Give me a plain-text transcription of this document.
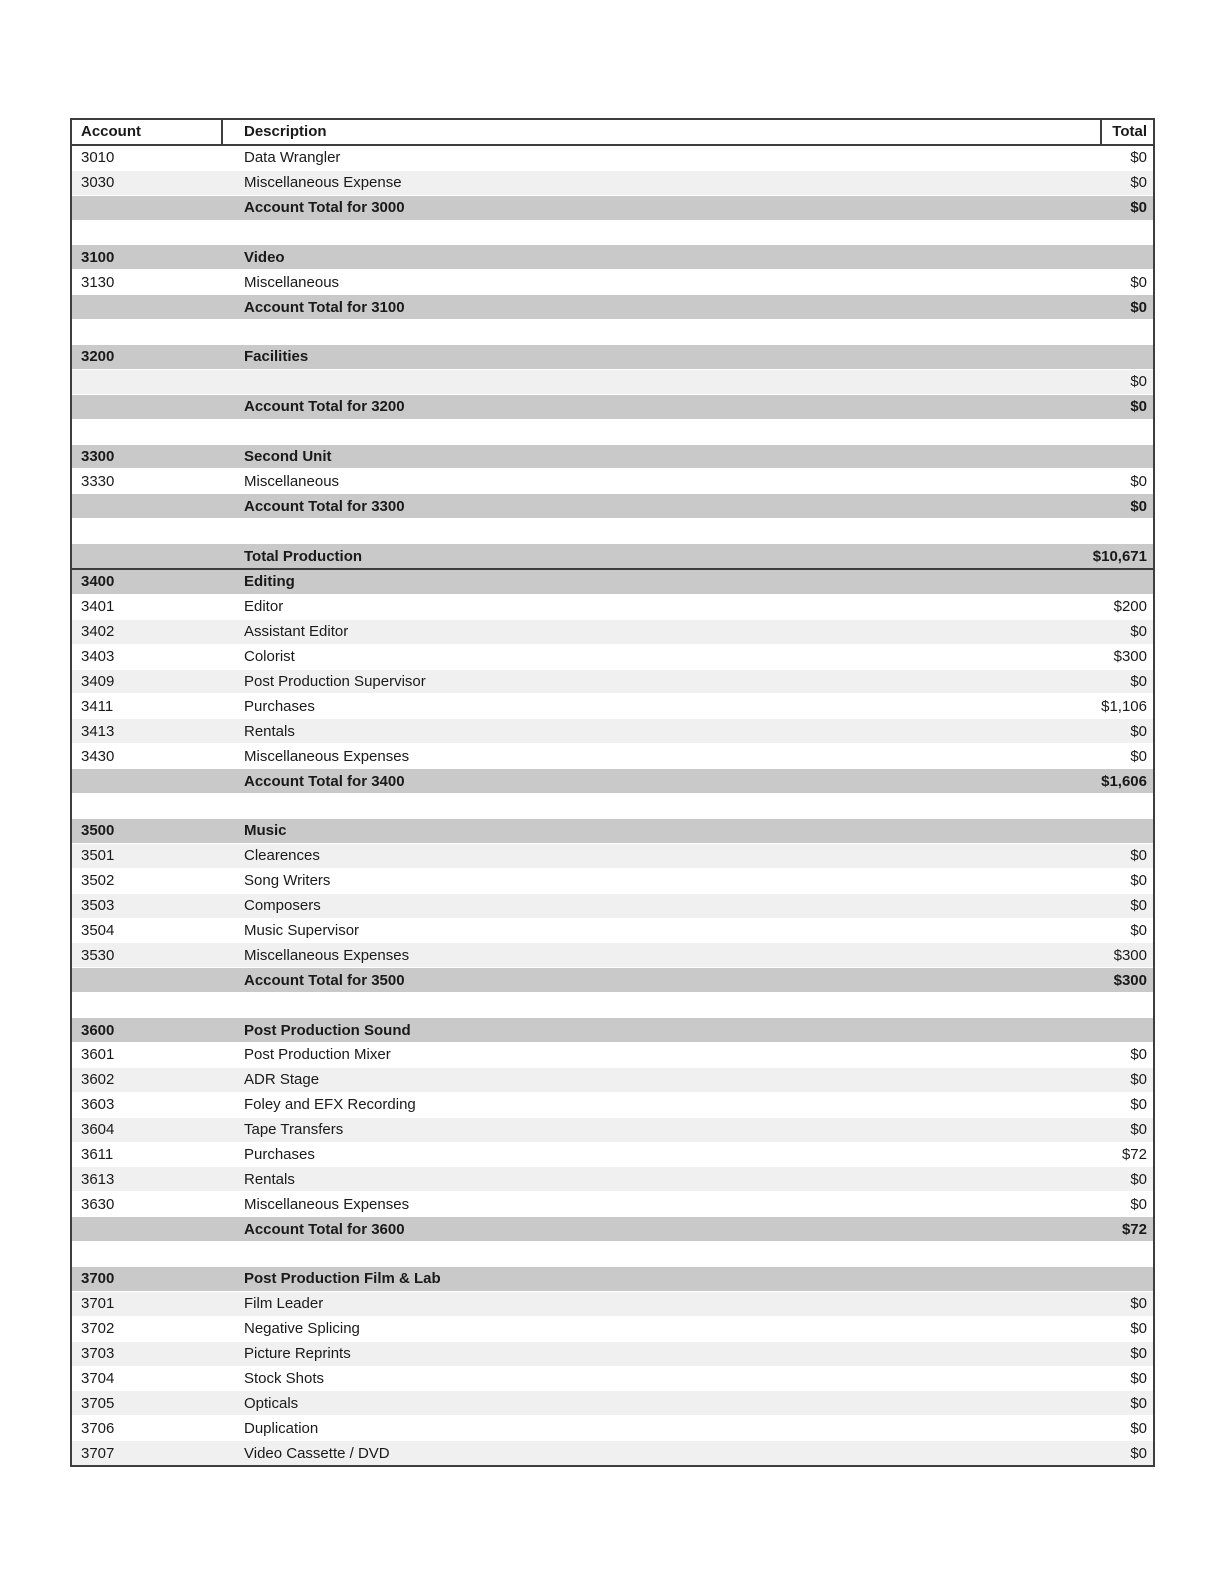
Account	Description	Total
3010	Data Wrangler	$0
3030	Miscellaneous Expense	$0
	Account Total for 3000	$0

3100	Video	
3130	Miscellaneous	$0
	Account Total for 3100	$0

3200	Facilities	
		$0
	Account Total for 3200	$0

3300	Second Unit	
3330	Miscellaneous	$0
	Account Total for 3300	$0

	Total Production	$10,671
3400	Editing	
3401	Editor	$200
3402	Assistant Editor	$0
3403	Colorist	$300
3409	Post Production Supervisor	$0
3411	Purchases	$1,106
3413	Rentals	$0
3430	Miscellaneous Expenses	$0
	Account Total for 3400	$1,606

3500	Music	
3501	Clearences	$0
3502	Song Writers	$0
3503	Composers	$0
3504	Music Supervisor	$0
3530	Miscellaneous Expenses	$300
	Account Total for 3500	$300

3600	Post Production Sound	
3601	Post Production Mixer	$0
3602	ADR Stage	$0
3603	Foley and EFX Recording	$0
3604	Tape Transfers	$0
3611	Purchases	$72
3613	Rentals	$0
3630	Miscellaneous Expenses	$0
	Account Total for 3600	$72

3700	Post Production Film & Lab	
3701	Film Leader	$0
3702	Negative Splicing	$0
3703	Picture Reprints	$0
3704	Stock Shots	$0
3705	Opticals	$0
3706	Duplication	$0
3707	Video Cassette / DVD	$0
